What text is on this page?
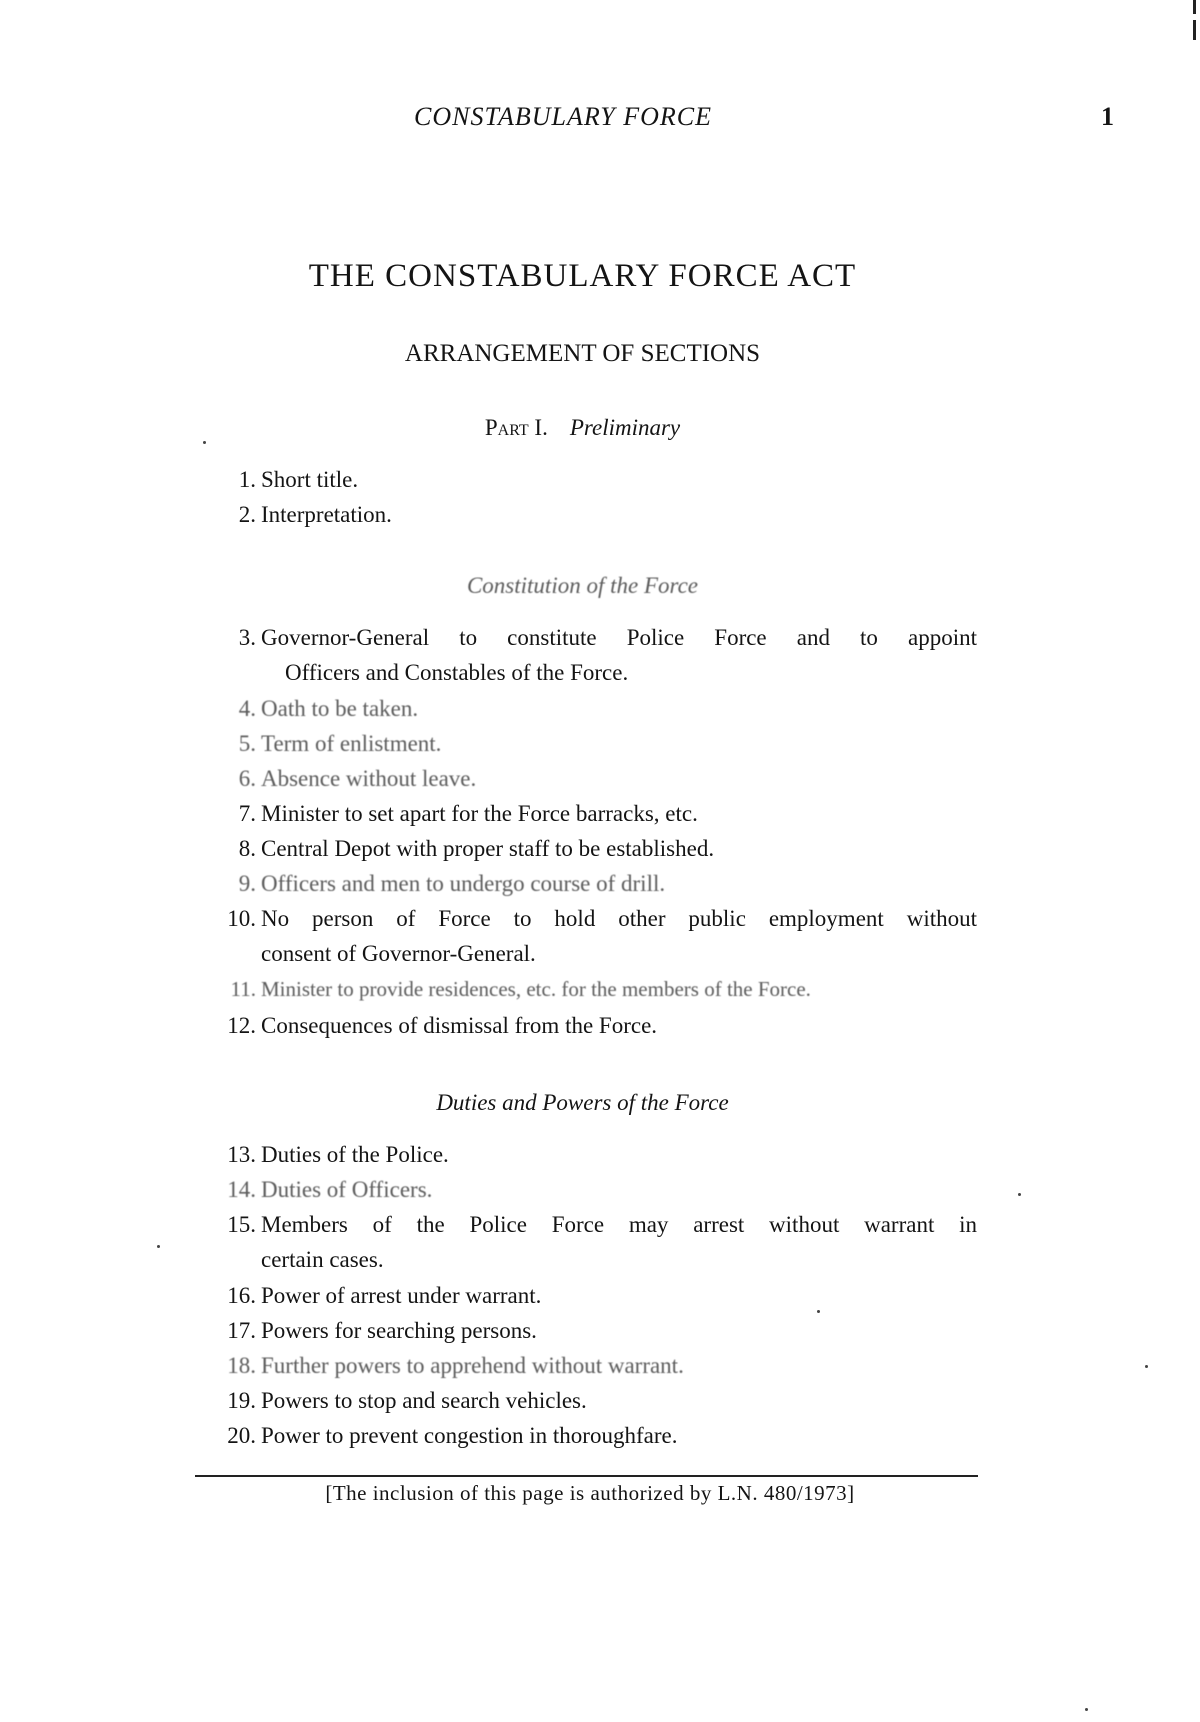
CONSTABULARY FORCE	1
THE CONSTABULARY FORCE ACT
ARRANGEMENT OF SECTIONS
Part I. Preliminary
1. Short title.
2. Interpretation.
Constitution of the Force
3. Governor-General to constitute Police Force and to appoint
Officers and Constables of the Force.
4. Oath to be taken.
5. Term of enlistment.
6. Absence without leave.
7. Minister to set apart for the Force barracks, etc.
8. Central Depot with proper staff to be established.
9. Officers and men to undergo course of drill.
10. No person of Force to hold other public employment without
consent of Governor-General.
11. Minister to provide residences, etc. for the members of the Force.
12. Consequences of dismissal from the Force.
Duties and Powers of the Force
13. Duties of the Police.
14. Duties of Officers.
15. Members of the Police Force may arrest without warrant in
certain cases.
16. Power of arrest under warrant.
17. Powers for searching persons.
18. Further powers to apprehend without warrant.
19. Powers to stop and search vehicles.
20. Power to prevent congestion in thoroughfare.
[The inclusion of this page is authorized by L.N. 480/1973]
